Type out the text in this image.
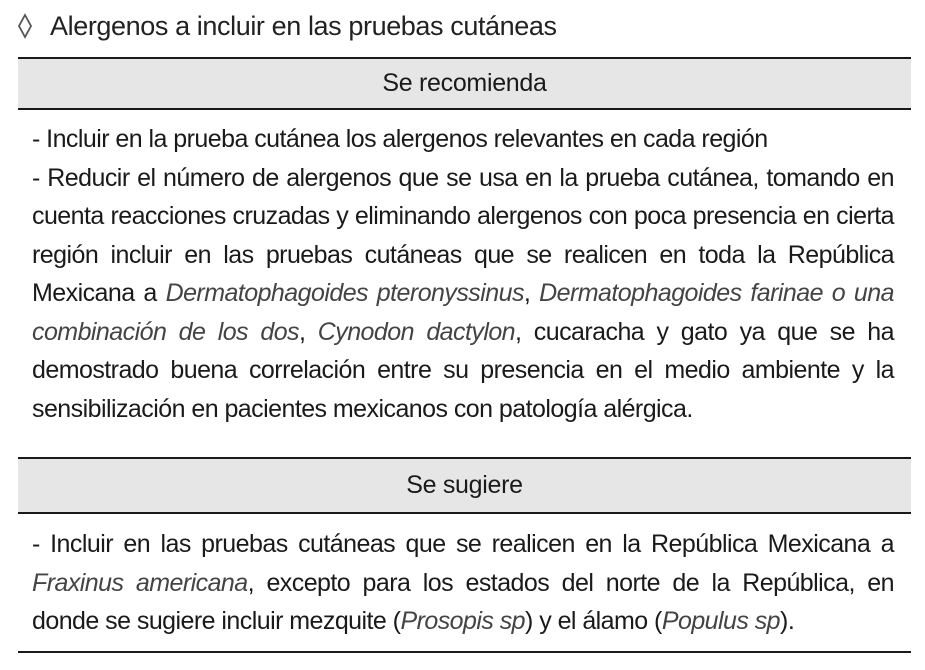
Alergenos a incluir en las pruebas cutáneas
Se recomienda
- Incluir en la prueba cutánea los alergenos relevantes en cada región
- Reducir el número de alergenos que se usa en la prueba cutánea, tomando en cuenta reacciones cruzadas y eliminando alergenos con poca presencia en cierta región incluir en las pruebas cutáneas que se realicen en toda la República Mexicana a Dermatophagoides pteronyssinus, Dermatophagoides farinae o una combinación de los dos, Cynodon dactylon, cucaracha y gato ya que se ha demostrado buena correlación entre su presencia en el medio ambiente y la sensibilización en pacientes mexicanos con patología alérgica.
Se sugiere
- Incluir en las pruebas cutáneas que se realicen en la República Mexicana a Fraxinus americana, excepto para los estados del norte de la República, en donde se sugiere incluir mezquite (Prosopis sp) y el álamo (Populus sp).
